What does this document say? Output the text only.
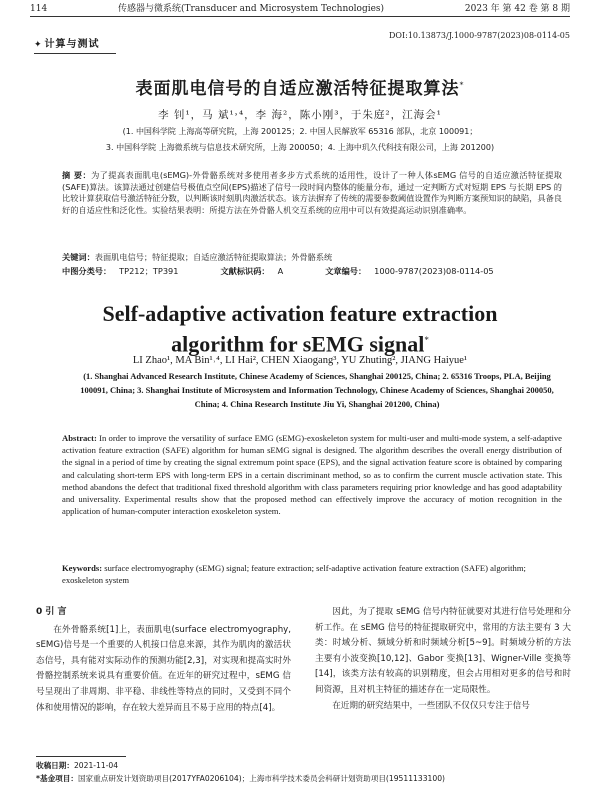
114	传感器与微系统(Transducer and Microsystem Technologies)	2023 年 第 42 卷 第 8 期
DOI:10.13873/J.1000-9787(2023)08-0114-05
✦ 计算与测试
表面肌电信号的自适应激活特征提取算法*
李 钊¹，马 斌¹˒⁴，李 海²，陈小刚³，于朱庭²，江海会¹
(1. 中国科学院 上海高等研究院，上海 200125；2. 中国人民解放军 65316 部队，北京 100091；
3. 中国科学院 上海微系统与信息技术研究所，上海 200050；4. 上海中玑久代科技有限公司，上海 201200)
摘 要：为了提高表面肌电(sEMG)-外骨骼系统对多使用者多步方式系统的适用性，设计了一种人体sEMG 信号的自适应激活特征提取(SAFE)算法。该算法通过创建信号极值点空间(EPS)描述了信号一段时间内整体的能量分布，通过一定判断方式对短期 EPS 与长期 EPS 的比较计算获取信号激活特征分数，以判断该时刻肌肉激活状态。该方法摒弃了传统的需要参数阈值设置作为判断方案预知识的缺陷，具备良好的自适应性和泛化性。实验结果表明：所提方法在外骨骼人机交互系统的应用中可以有效提高运动识别准确率。
关键词：表面肌电信号；特征提取；自适应激活特征提取算法；外骨骼系统
中图分类号： TP212；TP391	文献标识码： A	文章编号： 1000-9787(2023)08-0114-05
Self-adaptive activation feature extraction
algorithm for sEMG signal*
LI Zhao¹, MA Bin¹˒⁴, LI Hai², CHEN Xiaogang³, YU Zhuting², JIANG Haiyue¹
(1. Shanghai Advanced Research Institute, Chinese Academy of Sciences, Shanghai 200125, China; 2. 65316 Troops, PLA, Beijing 100091, China; 3. Shanghai Institute of Microsystem and Information Technology, Chinese Academy of Sciences, Shanghai 200050, China; 4. China Research Institute Jiu Yi, Shanghai 201200, China)
Abstract: In order to improve the versatility of surface EMG (sEMG)-exoskeleton system for multi-user and multi-mode system, a self-adaptive activation feature extraction (SAFE) algorithm for human sEMG signal is designed. The algorithm describes the overall energy distribution of the signal in a period of time by creating the signal extremum point space (EPS), and the signal activation feature score is obtained by comparing and calculating short-term EPS with long-term EPS in a certain discriminant method, so as to confirm the current muscle activation state. This method abandons the defect that traditional fixed threshold algorithm with class parameters requiring prior knowledge and has good adaptability and universality. Experimental results show that the proposed method can effectively improve the accuracy of motion recognition in the application of human-computer interaction exoskeleton system.
Keywords: surface electromyography (sEMG) signal; feature extraction; self-adaptive activation feature extraction (SAFE) algorithm; exoskeleton system
0 引 言

在外骨骼系统[1]上，表面肌电(surface electromyography, sEMG)信号是一个重要的人机接口信息来源，其作为肌肉的激活状态信号，具有能对实际动作的预测功能[2,3]，对实现和提高实时外骨骼控制系统来说具有重要价值。在近年的研究过程中，sEMG 信号呈现出了非周期、非平稳、非线性等特点的同时，又受到不同个体和使用情况的影响，存在较大差异而且不易于应用的特点[4]。

因此，为了提取 sEMG 信号内特征就要对其进行信号处理和分析工作。在 sEMG 信号的特征提取研究中，常用的方法主要有 3 大类：时域分析、频域分析和时频域分析[5~9]。时频域分析的方法主要有小波变换[10,12]、Gabor 变换[13]、Wigner-Ville 变换等[14]，该类方法有较高的识别精度，但会占用相对更多的信号和时间资源，且对机主特征的描述存在一定局限性。

在近期的研究结果中，一些团队不仅仅只专注于信号

收稿日期：2021-11-04
*基金项目：国家重点研发计划资助项目(2017YFA0206104)；上海市科学技术委员会科研计划资助项目(19511133100)
